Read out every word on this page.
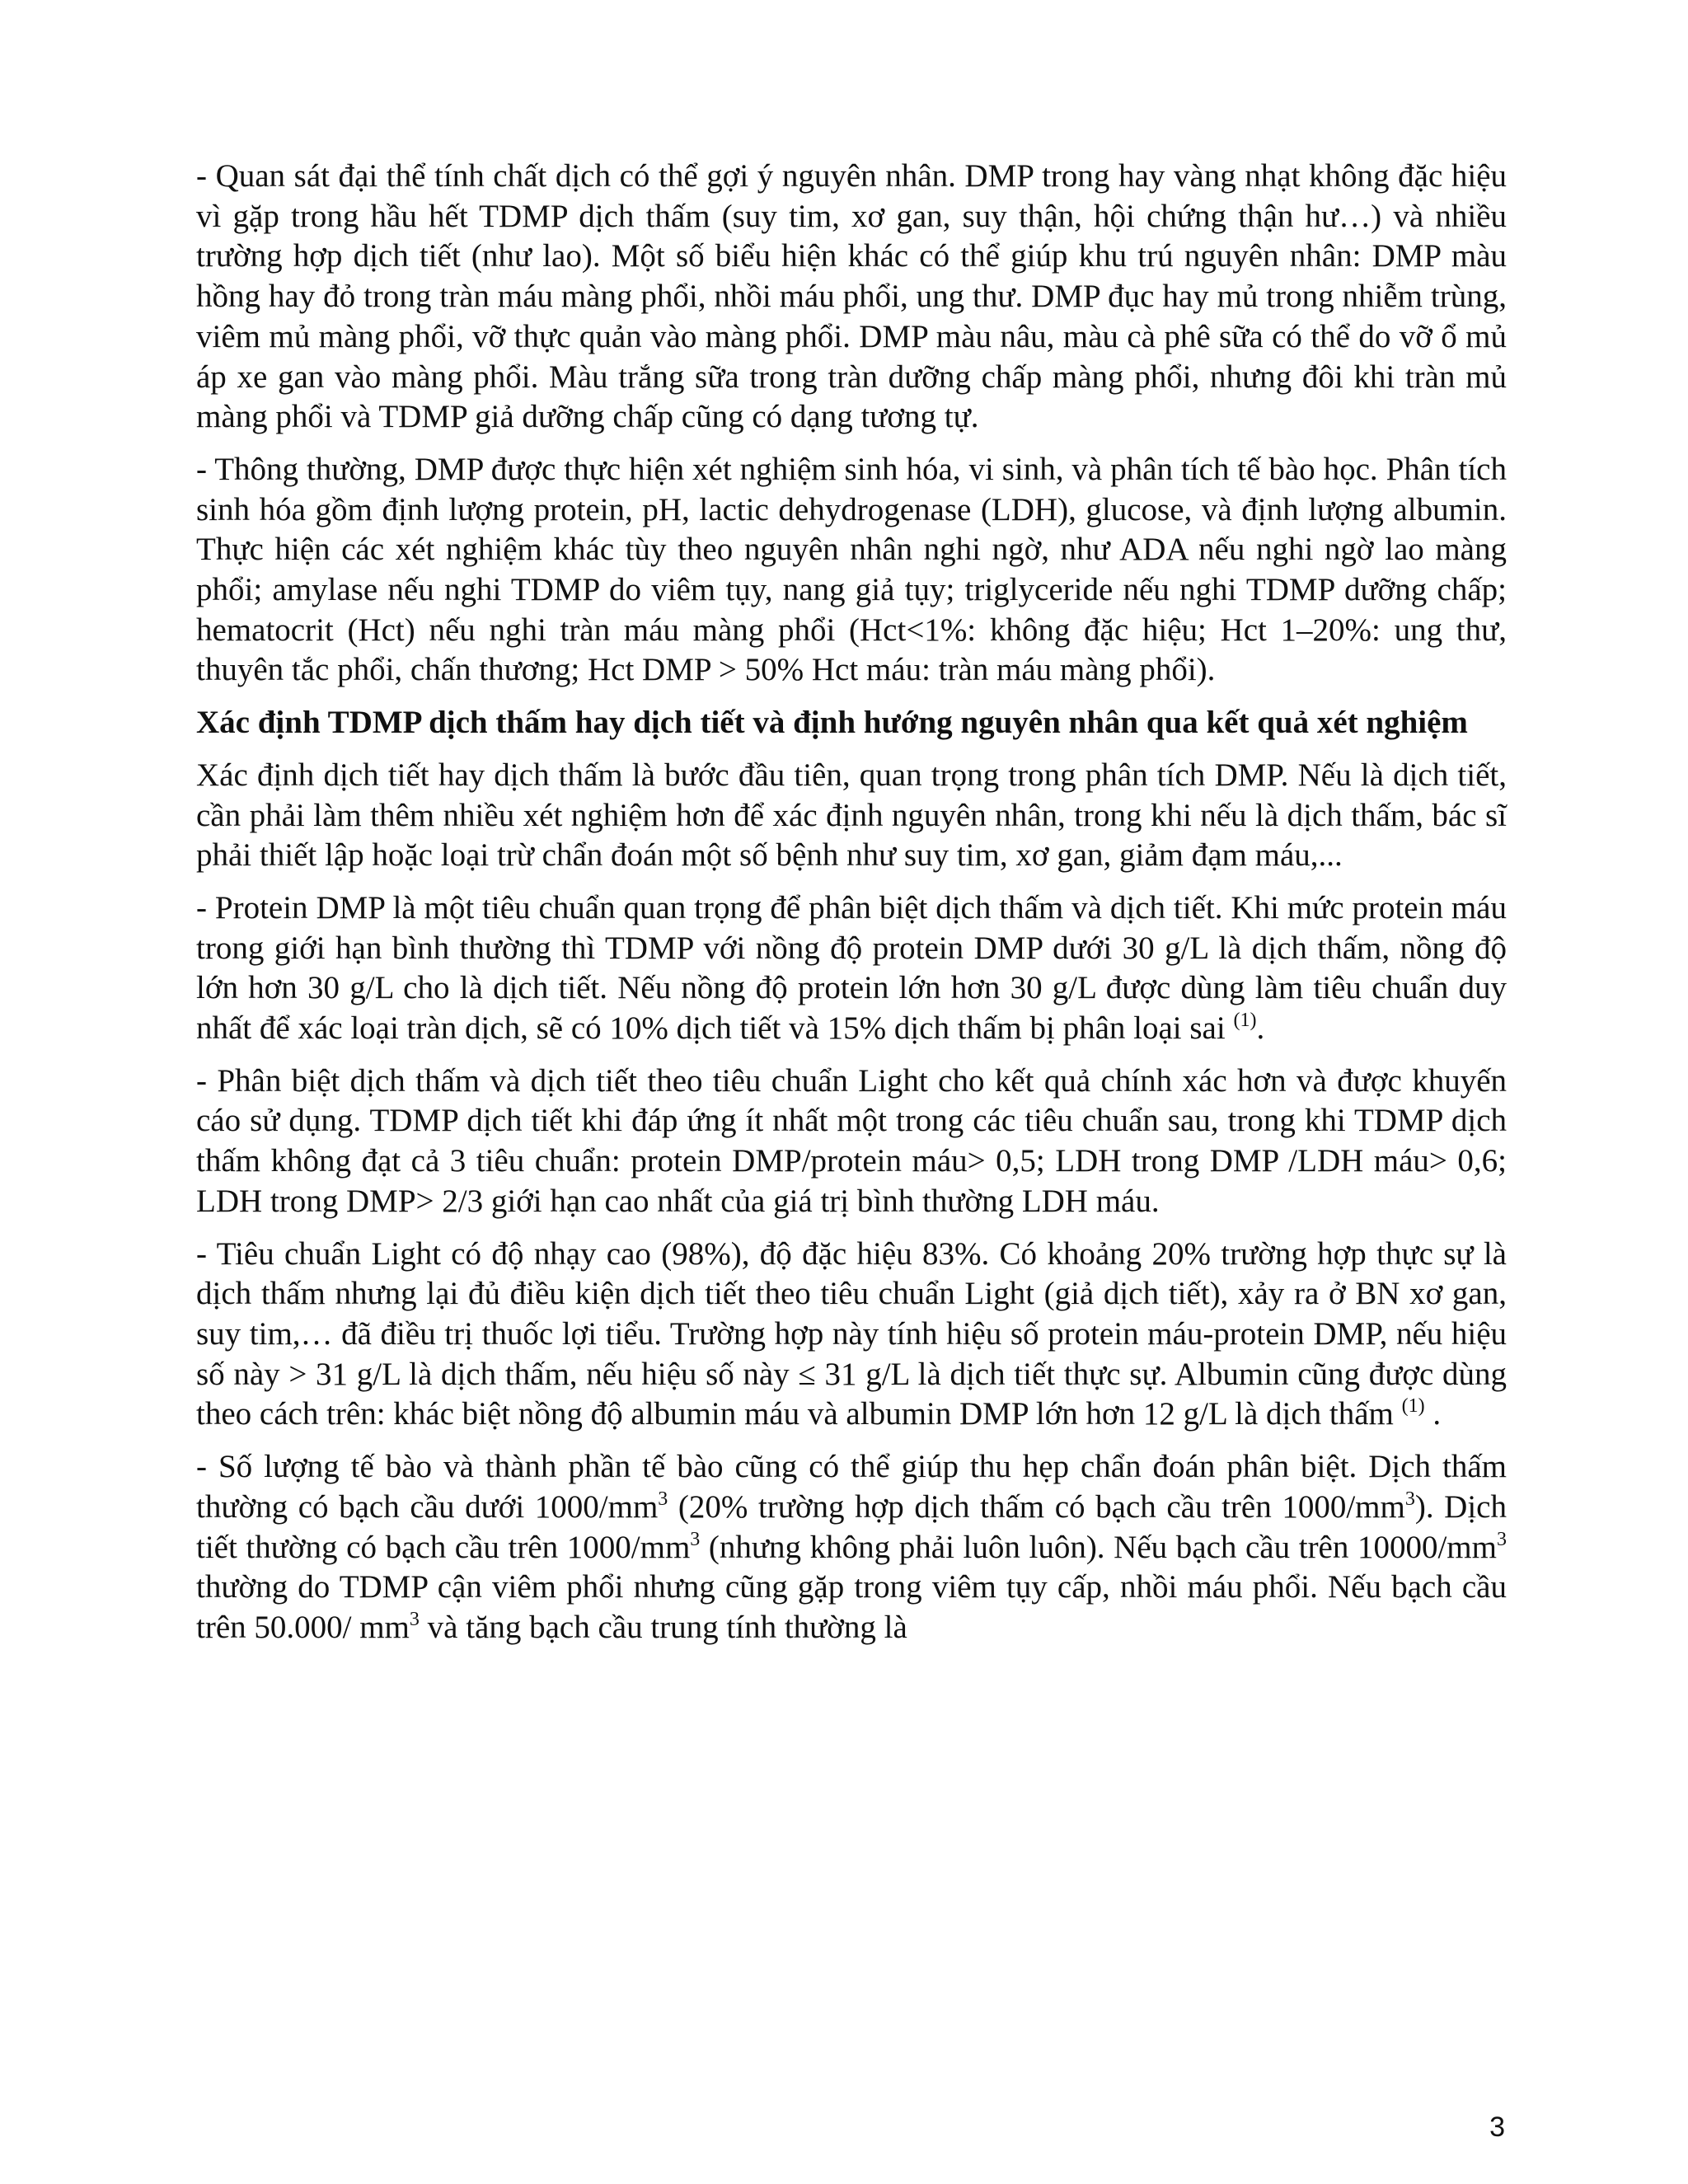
- Quan sát đại thể tính chất dịch có thể gợi ý nguyên nhân. DMP trong hay vàng nhạt không đặc hiệu vì gặp trong hầu hết TDMP dịch thấm (suy tim, xơ gan, suy thận, hội chứng thận hư…) và nhiều trường hợp dịch tiết (như lao). Một số biểu hiện khác có thể giúp khu trú nguyên nhân: DMP màu hồng hay đỏ trong tràn máu màng phổi, nhồi máu phổi, ung thư. DMP đục hay mủ trong nhiễm trùng, viêm mủ màng phổi, vỡ thực quản vào màng phổi. DMP màu nâu, màu cà phê sữa có thể do vỡ ổ mủ áp xe gan vào màng phổi. Màu trắng sữa trong tràn dưỡng chấp màng phổi, nhưng đôi khi tràn mủ màng phổi và TDMP giả dưỡng chấp cũng có dạng tương tự.

- Thông thường, DMP được thực hiện xét nghiệm sinh hóa, vi sinh, và phân tích tế bào học. Phân tích sinh hóa gồm định lượng protein, pH, lactic dehydrogenase (LDH), glucose, và định lượng albumin. Thực hiện các xét nghiệm khác tùy theo nguyên nhân nghi ngờ, như ADA nếu nghi ngờ lao màng phổi; amylase nếu nghi TDMP do viêm tụy, nang giả tụy; triglyceride nếu nghi TDMP dưỡng chấp; hematocrit (Hct) nếu nghi tràn máu màng phổi (Hct<1%: không đặc hiệu; Hct 1–20%: ung thư, thuyên tắc phổi, chấn thương; Hct DMP > 50% Hct máu: tràn máu màng phổi).

Xác định TDMP dịch thấm hay dịch tiết và định hướng nguyên nhân qua kết quả xét nghiệm

Xác định dịch tiết hay dịch thấm là bước đầu tiên, quan trọng trong phân tích DMP. Nếu là dịch tiết, cần phải làm thêm nhiều xét nghiệm hơn để xác định nguyên nhân, trong khi nếu là dịch thấm, bác sĩ phải thiết lập hoặc loại trừ chẩn đoán một số bệnh như suy tim, xơ gan, giảm đạm máu,...

- Protein DMP là một tiêu chuẩn quan trọng để phân biệt dịch thấm và dịch tiết. Khi mức protein máu trong giới hạn bình thường thì TDMP với nồng độ protein DMP dưới 30 g/L là dịch thấm, nồng độ lớn hơn 30 g/L cho là dịch tiết. Nếu nồng độ protein lớn hơn 30 g/L được dùng làm tiêu chuẩn duy nhất để xác loại tràn dịch, sẽ có 10% dịch tiết và 15% dịch thấm bị phân loại sai $^{(1)}$.

- Phân biệt dịch thấm và dịch tiết theo tiêu chuẩn Light cho kết quả chính xác hơn và được khuyến cáo sử dụng. TDMP dịch tiết khi đáp ứng ít nhất một trong các tiêu chuẩn sau, trong khi TDMP dịch thấm không đạt cả 3 tiêu chuẩn: protein DMP/protein máu> 0,5; LDH trong DMP /LDH máu> 0,6; LDH trong DMP> 2/3 giới hạn cao nhất của giá trị bình thường LDH máu.

- Tiêu chuẩn Light có độ nhạy cao (98%), độ đặc hiệu 83%. Có khoảng 20% trường hợp thực sự là dịch thấm nhưng lại đủ điều kiện dịch tiết theo tiêu chuẩn Light (giả dịch tiết), xảy ra ở BN xơ gan, suy tim,… đã điều trị thuốc lợi tiểu. Trường hợp này tính hiệu số protein máu-protein DMP, nếu hiệu số này > 31 g/L là dịch thấm, nếu hiệu số này ≤ 31 g/L là dịch tiết thực sự. Albumin cũng được dùng theo cách trên: khác biệt nồng độ albumin máu và albumin DMP lớn hơn 12 g/L là dịch thấm $^{(1)}$ .

- Số lượng tế bào và thành phần tế bào cũng có thể giúp thu hẹp chẩn đoán phân biệt. Dịch thấm thường có bạch cầu dưới $1000/mm^3$ (20% trường hợp dịch thấm có bạch cầu trên $1000/mm^3$). Dịch tiết thường có bạch cầu trên $1000/mm^3$ (nhưng không phải luôn luôn). Nếu bạch cầu trên $10000/mm^3$ thường do TDMP cận viêm phổi nhưng cũng gặp trong viêm tụy cấp, nhồi máu phổi. Nếu bạch cầu trên 50.000/ $mm^3$ và tăng bạch cầu trung tính thường là

3
